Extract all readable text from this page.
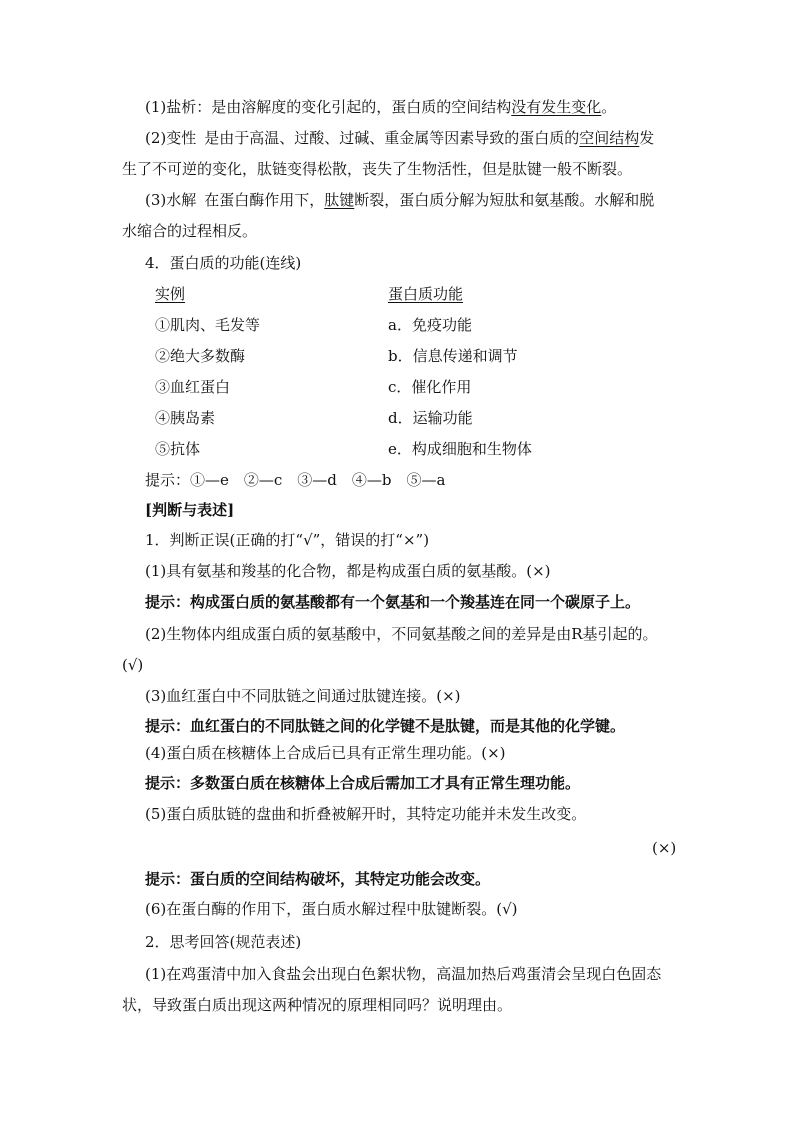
(1)盐析：是由溶解度的变化引起的，蛋白质的空间结构没有发生变化。
(2)变性 是由于高温、过酸、过碱、重金属等因素导致的蛋白质的空间结构发
生了不可逆的变化，肽链变得松散，丧失了生物活性，但是肽键一般不断裂。
(3)水解 在蛋白酶作用下，肽键断裂，蛋白质分解为短肽和氨基酸。水解和脱
水缩合的过程相反。
4．蛋白质的功能(连线)
实例	蛋白质功能
①肌肉、毛发等	a．免疫功能
②绝大多数酶	b．信息传递和调节
③血红蛋白	c．催化作用
④胰岛素	d．运输功能
⑤抗体	e．构成细胞和生物体
提示：①—e　②—c　③—d　④—b　⑤—a
[判断与表述]
1．判断正误(正确的打“√”，错误的打“×”)
(1)具有氨基和羧基的化合物，都是构成蛋白质的氨基酸。(×)
提示：构成蛋白质的氨基酸都有一个氨基和一个羧基连在同一个碳原子上。
(2)生物体内组成蛋白质的氨基酸中，不同氨基酸之间的差异是由R基引起的。
(√)
(3)血红蛋白中不同肽链之间通过肽键连接。(×)
提示：血红蛋白的不同肽链之间的化学键不是肽键，而是其他的化学键。
(4)蛋白质在核糖体上合成后已具有正常生理功能。(×)
提示：多数蛋白质在核糖体上合成后需加工才具有正常生理功能。
(5)蛋白质肽链的盘曲和折叠被解开时，其特定功能并未发生改变。
(×)
提示：蛋白质的空间结构破坏，其特定功能会改变。
(6)在蛋白酶的作用下，蛋白质水解过程中肽键断裂。(√)
2．思考回答(规范表述)
(1)在鸡蛋清中加入食盐会出现白色絮状物，高温加热后鸡蛋清会呈现白色固态
状，导致蛋白质出现这两种情况的原理相同吗？说明理由。
